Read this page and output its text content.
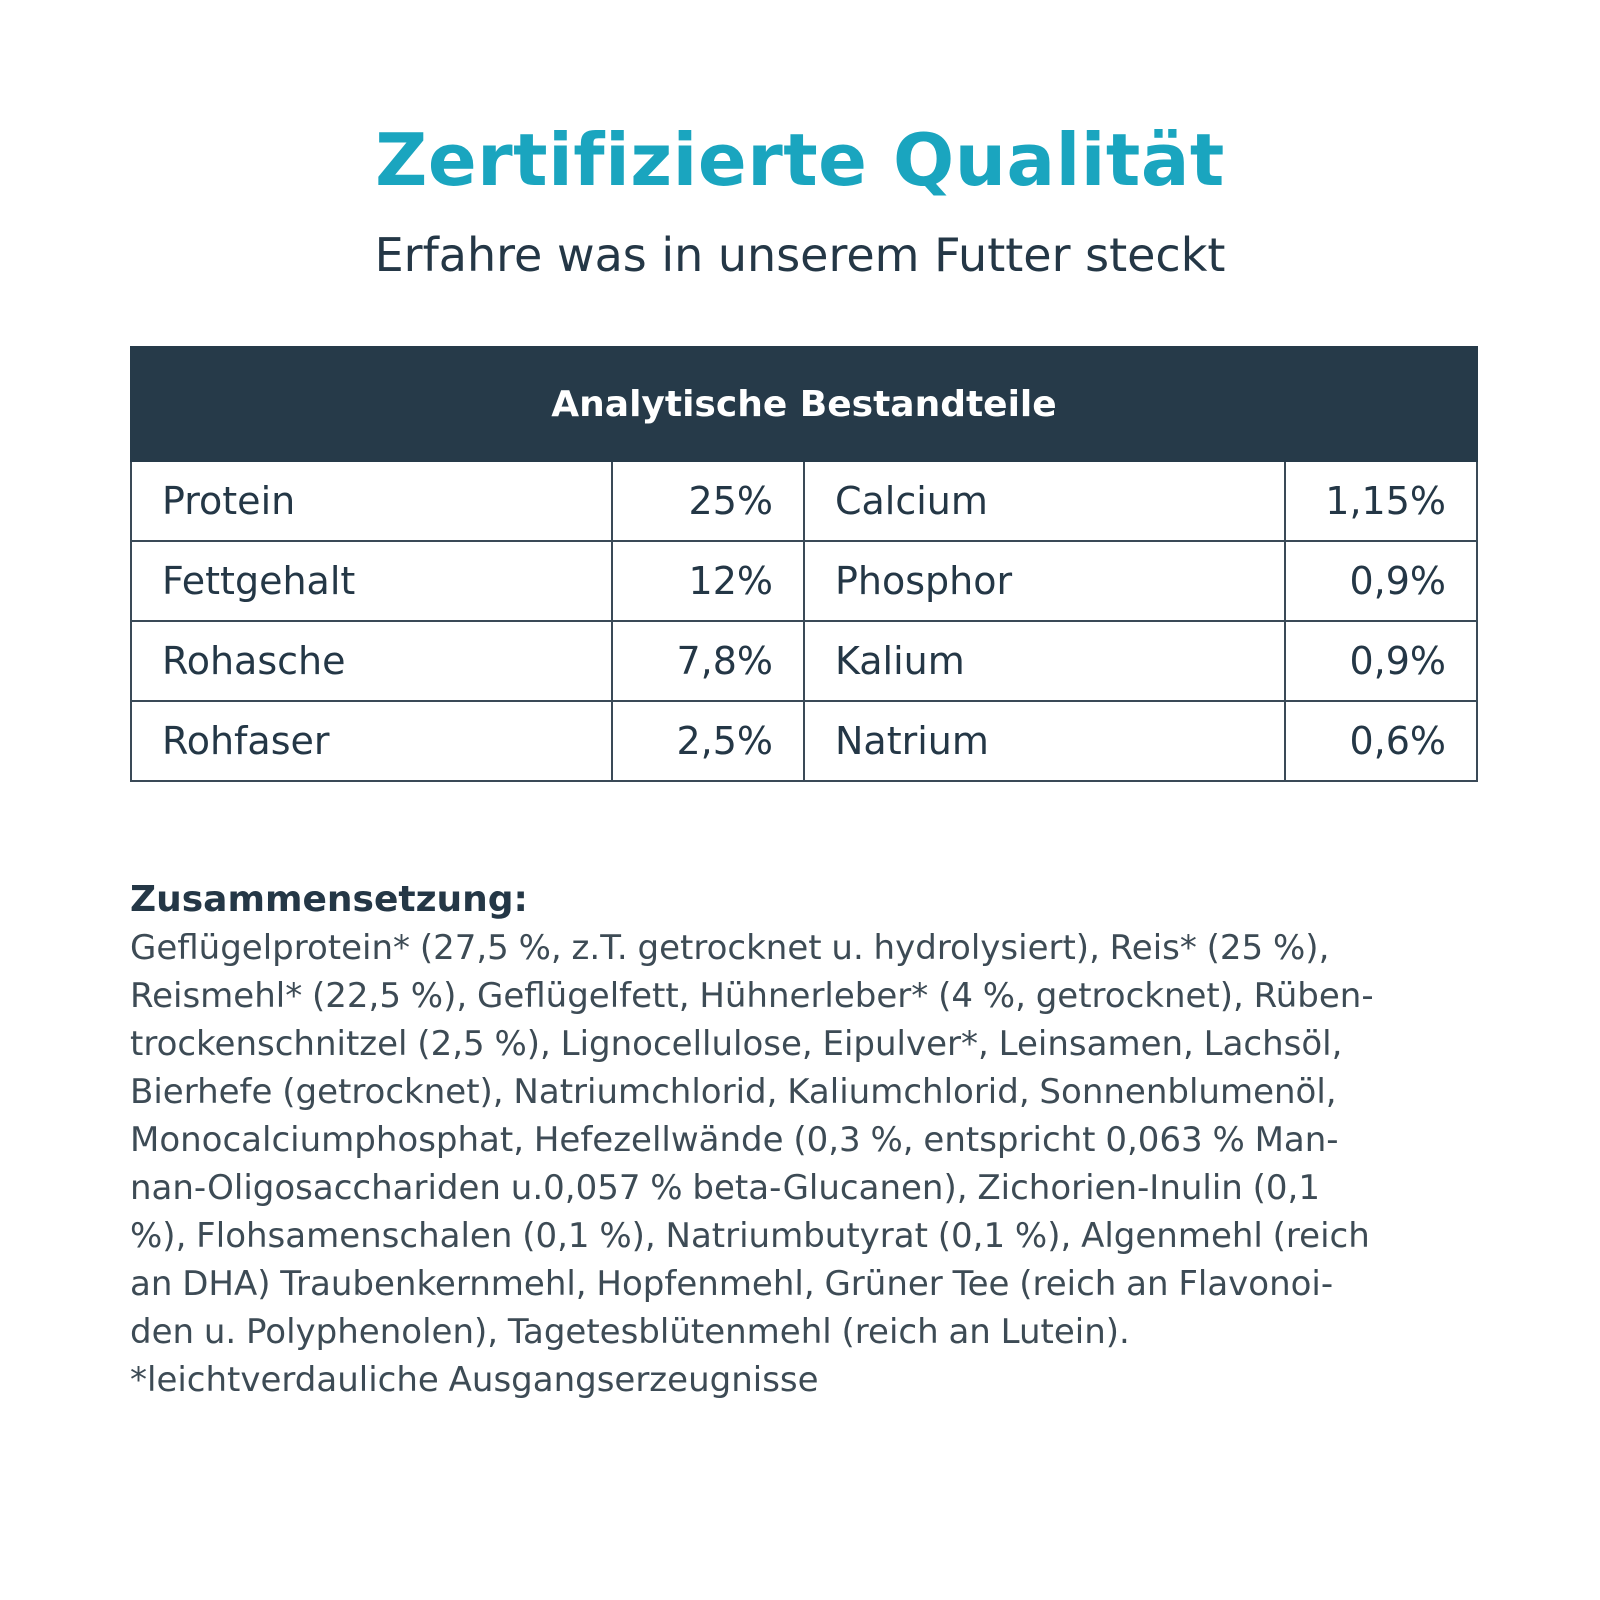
Zertifizierte Qualität

Erfahre was in unserem Futter steckt

Analytische Bestandteile			
Protein	25%	Calcium	1,15%
Fettgehalt	12%	Phosphor	0,9%
Rohasche	7,8%	Kalium	0,9%
Rohfaser	2,5%	Natrium	0,6%

Zusammensetzung:

Geflügelprotein* (27,5 %, z.T. getrocknet u. hydrolysiert), Reis* (25 %),
Reismehl* (22,5 %), Geflügelfett, Hühnerleber* (4 %, getrocknet), Rüben-
trockenschnitzel (2,5 %), Lignocellulose, Eipulver*, Leinsamen, Lachsöl,
Bierhefe (getrocknet), Natriumchlorid, Kaliumchlorid, Sonnenblumenöl,
Monocalciumphosphat, Hefezellwände (0,3 %, entspricht 0,063 % Man-
nan-Oligosacchariden u.0,057 % beta-Glucanen), Zichorien-Inulin (0,1
%), Flohsamenschalen (0,1 %), Natriumbutyrat (0,1 %), Algenmehl (reich
an DHA) Traubenkernmehl, Hopfenmehl, Grüner Tee (reich an Flavonoi-
den u. Polyphenolen), Tagetesblütenmehl (reich an Lutein).
*leichtverdauliche Ausgangserzeugnisse
